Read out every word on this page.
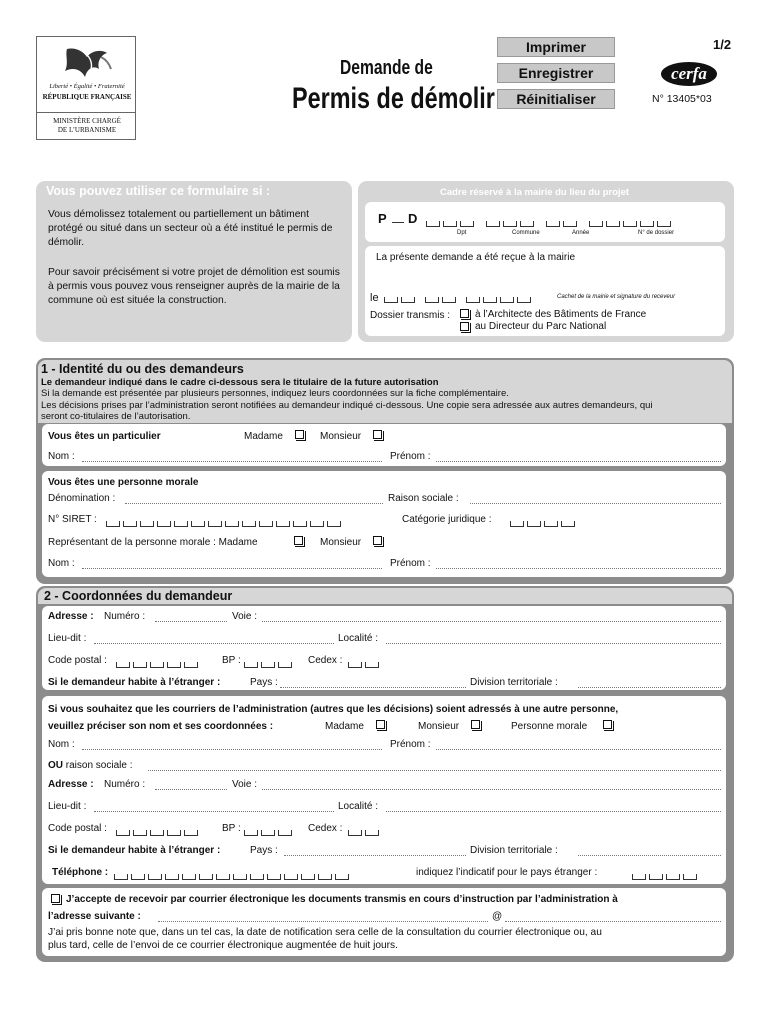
Liberté • Égalité • Fraternité
RÉPUBLIQUE FRANÇAISE
MINISTÈRE CHARGÉ
DE L’URBANISME
Demande de
Permis de démolir
Imprimer
Enregistrer
Réinitialiser
1/2
cerfa
N° 13405*03
Vous pouvez utiliser ce formulaire si :
Vous démolissez totalement ou partiellement un bâtiment protégé ou situé dans un secteur où a été institué le permis de démolir.
Pour savoir précisément si votre projet de démolition est soumis à permis vous pouvez vous renseigner auprès de la mairie de la commune où est située la construction.
Cadre réservé à la mairie du lieu du projet
P D
Dpt	Commune	Année	N° de dossier
La présente demande a été reçue à la mairie
le	Cachet de la mairie et signature du receveur
Dossier transmis : à l’Architecte des Bâtiments de France
au Directeur du Parc National
1 - Identité du ou des demandeurs
Le demandeur indiqué dans le cadre ci-dessous sera le titulaire de la future autorisation
Si la demande est présentée par plusieurs personnes, indiquez leurs coordonnées sur la fiche complémentaire.
Les décisions prises par l’administration seront notifiées au demandeur indiqué ci-dessous. Une copie sera adressée aux autres demandeurs, qui
seront co-titulaires de l’autorisation.
Vous êtes un particulier	Madame	Monsieur
Nom :	Prénom :
Vous êtes une personne morale
Dénomination :	Raison sociale :
N° SIRET :	Catégorie juridique :
Représentant de la personne morale : Madame	Monsieur
Nom :	Prénom :
2 - Coordonnées du demandeur
Adresse : Numéro :	Voie :
Lieu-dit :	Localité :
Code postal :	BP :	Cedex :
Si le demandeur habite à l’étranger :	Pays :	Division territoriale :
Si vous souhaitez que les courriers de l’administration (autres que les décisions) soient adressés à une autre personne,
veuillez préciser son nom et ses coordonnées :	Madame	Monsieur	Personne morale
Nom :	Prénom :
OU raison sociale :
Adresse : Numéro :	Voie :
Lieu-dit :	Localité :
Code postal :	BP :	Cedex :
Si le demandeur habite à l’étranger :	Pays :	Division territoriale :
Téléphone :	indiquez l’indicatif pour le pays étranger :
J’accepte de recevoir par courrier électronique les documents transmis en cours d’instruction par l’administration à
l’adresse suivante :	@
J’ai pris bonne note que, dans un tel cas, la date de notification sera celle de la consultation du courrier électronique ou, au
plus tard, celle de l’envoi de ce courrier électronique augmentée de huit jours.
